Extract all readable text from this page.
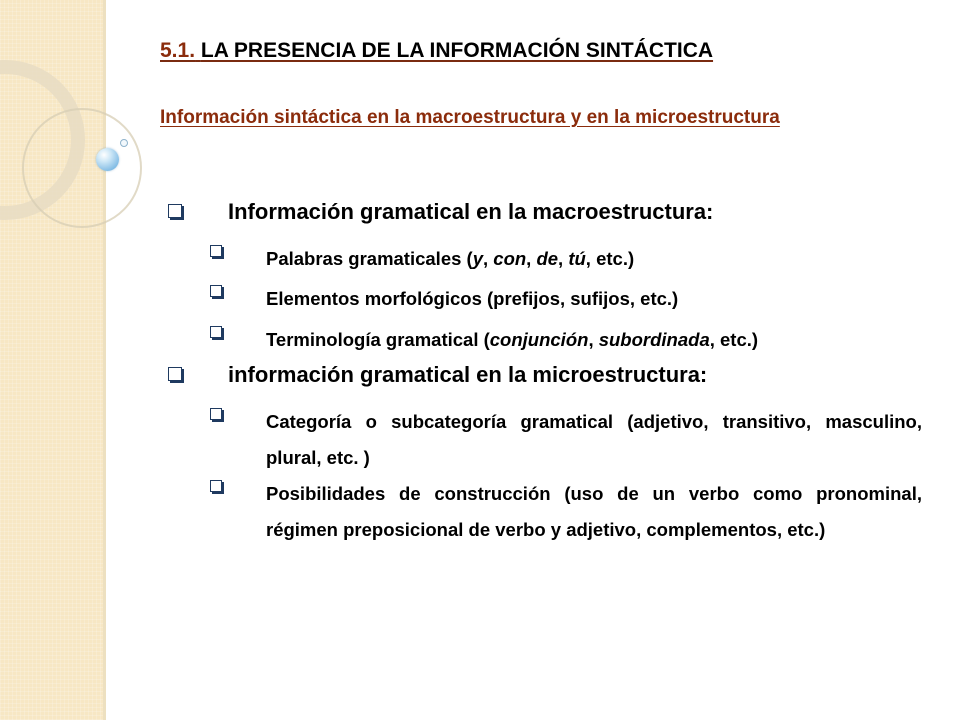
5.1. LA PRESENCIA DE LA INFORMACIÓN SINTÁCTICA
Información sintáctica en la macroestructura y en la microestructura
Información gramatical en la macroestructura:
Palabras gramaticales (y, con, de, tú, etc.)
Elementos morfológicos (prefijos, sufijos, etc.)
Terminología gramatical (conjunción, subordinada, etc.)
información gramatical en la microestructura:
Categoría o subcategoría gramatical (adjetivo, transitivo, masculino, plural, etc. )
Posibilidades de construcción (uso de un verbo como pronominal, régimen preposicional de verbo y adjetivo, complementos, etc.)
